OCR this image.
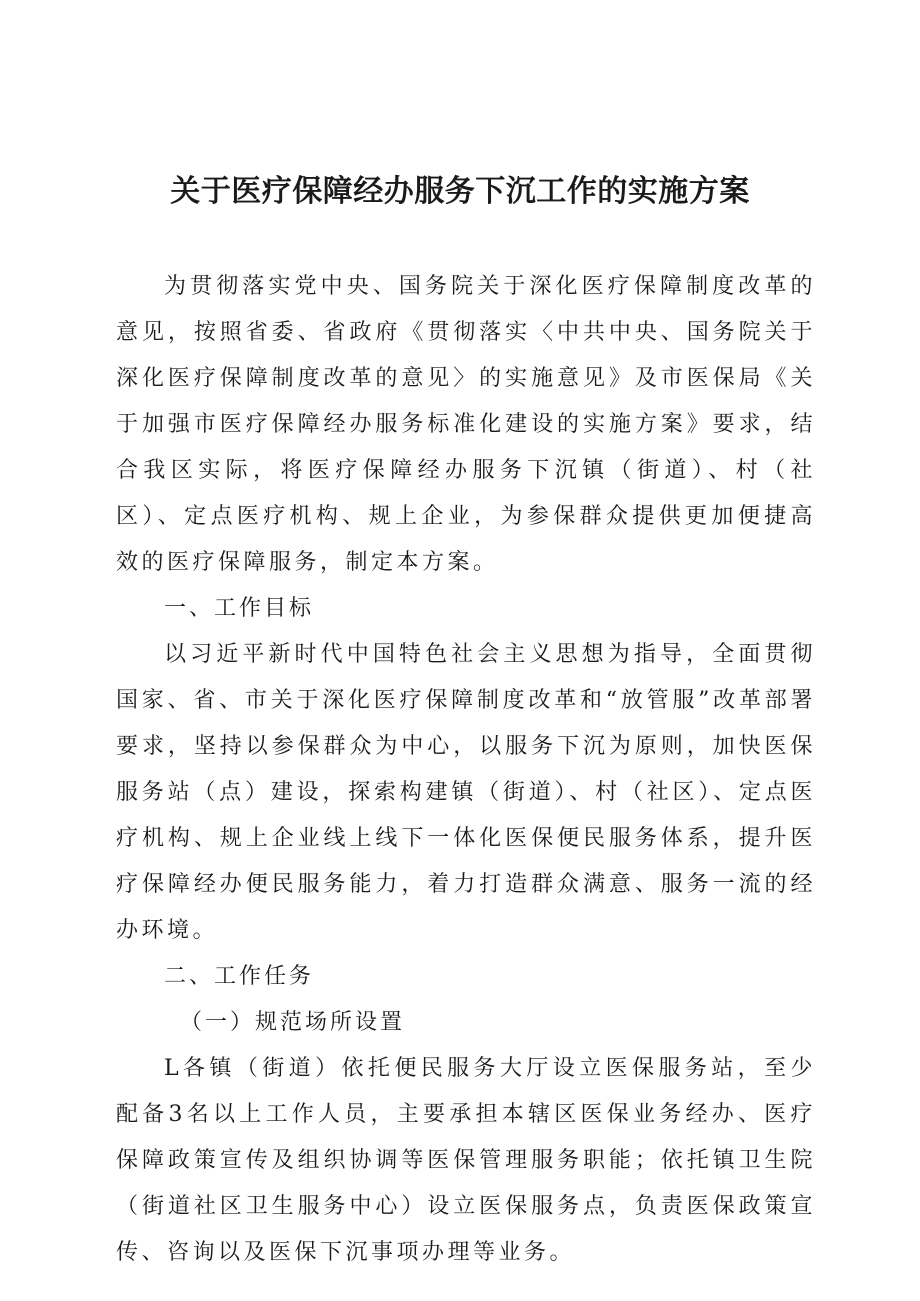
关于医疗保障经办服务下沉工作的实施方案

为贯彻落实党中央、国务院关于深化医疗保障制度改革的意见，按照省委、省政府《贯彻落实〈中共中央、国务院关于深化医疗保障制度改革的意见〉的实施意见》及市医保局《关于加强市医疗保障经办服务标准化建设的实施方案》要求，结合我区实际，将医疗保障经办服务下沉镇（街道）、村（社区）、定点医疗机构、规上企业，为参保群众提供更加便捷高效的医疗保障服务，制定本方案。

一、工作目标

以习近平新时代中国特色社会主义思想为指导，全面贯彻国家、省、市关于深化医疗保障制度改革和“放管服”改革部署要求，坚持以参保群众为中心，以服务下沉为原则，加快医保服务站（点）建设，探索构建镇（街道）、村（社区）、定点医疗机构、规上企业线上线下一体化医保便民服务体系，提升医疗保障经办便民服务能力，着力打造群众满意、服务一流的经办环境。

二、工作任务

（一）规范场所设置

L各镇（街道）依托便民服务大厅设立医保服务站，至少配备3名以上工作人员，主要承担本辖区医保业务经办、医疗保障政策宣传及组织协调等医保管理服务职能；依托镇卫生院（街道社区卫生服务中心）设立医保服务点，负责医保政策宣传、咨询以及医保下沉事项办理等业务。
